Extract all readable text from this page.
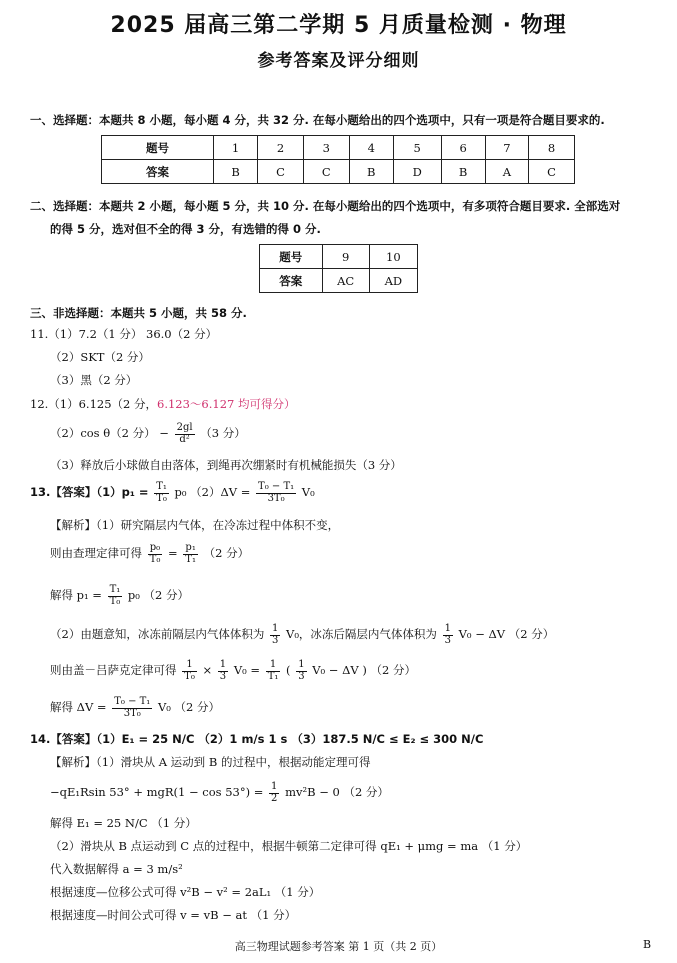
2025 届高三第二学期 5 月质量检测 · 物理
参考答案及评分细则
一、选择题：本题共 8 小题，每小题 4 分，共 32 分. 在每小题给出的四个选项中，只有一项是符合题目要求的.
题号	1	2	3	4	5	6	7	8
答案	B	C	C	B	D	B	A	C
二、选择题：本题共 2 小题，每小题 5 分，共 10 分. 在每小题给出的四个选项中，有多项符合题目要求. 全部选对
的得 5 分，选对但不全的得 3 分，有选错的得 0 分.
题号	9	10
答案	AC	AD
三、非选择题：本题共 5 小题，共 58 分.
11.（1）7.2（1 分） 36.0（2 分）
（2）SKT（2 分）
（3）黑（2 分）
12.（1）6.125（2 分，6.123～6.127 均可得分）
（2）cos θ（2 分） − $\frac{2gl}{\text{d²}} (3$ 分）
（3）释放后小球做自由落体，到绳再次绷紧时有机械能损失（3 分）
13.【答案】$(1)p_1 = \frac{\text{T₁}}{\text{T₀}} p_0$ $(2)\Delta V = \frac{\text{T₀ − T₁}}{\text{3T₀}} V_0$
【解析】（1）研究隔层内气体，在冷冻过程中体积不变，
则由查理定律可得 $\frac{\text{p₀}}{\text{T₀}} = \frac{\text{p₁}}{\text{T₁}} (2$ 分）
解得 $p_1 = \frac{\text{T₁}}{\text{T₀}} p_0$ （2 分）
（2）由题意知，冰冻前隔层内气体体积为 $\frac{1}{3} V_0$，冰冻后隔层内气体体积为 $\frac{1}{3} V_0 - \Delta V$ （2 分）
则由盖－吕萨克定律可得 $\frac{1}{\text{T₀}} \times \frac{1}{3} V_0 = \frac{1}{\text{T₁}}$ ( $\frac{1}{3} V_0 - \Delta V$ ) （2 分）
解得 $\Delta V = \frac{\text{T₀ − T₁}}{\text{3T₀}} V_0$ （2 分）
14.【答案】（1）E₁ = 25 N/C （2）1 m/s 1 s （3）187.5 N/C ≤ E₂ ≤ 300 N/C
【解析】（1）滑块从 A 运动到 B 的过程中，根据动能定理可得
−qE₁Rsin $53^\circ + mgR(1 - \cos 53^\circ) = \frac{1}{2} mv^2B - 0$ （2 分）
解得 E₁ = 25 N/C （1 分）
（2）滑块从 B 点运动到 C 点的过程中，根据牛顿第二定律可得 qE₁ + μmg = ma （1 分）
代入数据解得 a = 3 m/s²
根据速度—位移公式可得 v²B − v² = 2aL₁ （1 分）
根据速度—时间公式可得 v = vB − at （1 分）
高三物理试题参考答案 第 1 页（共 2 页）	B
